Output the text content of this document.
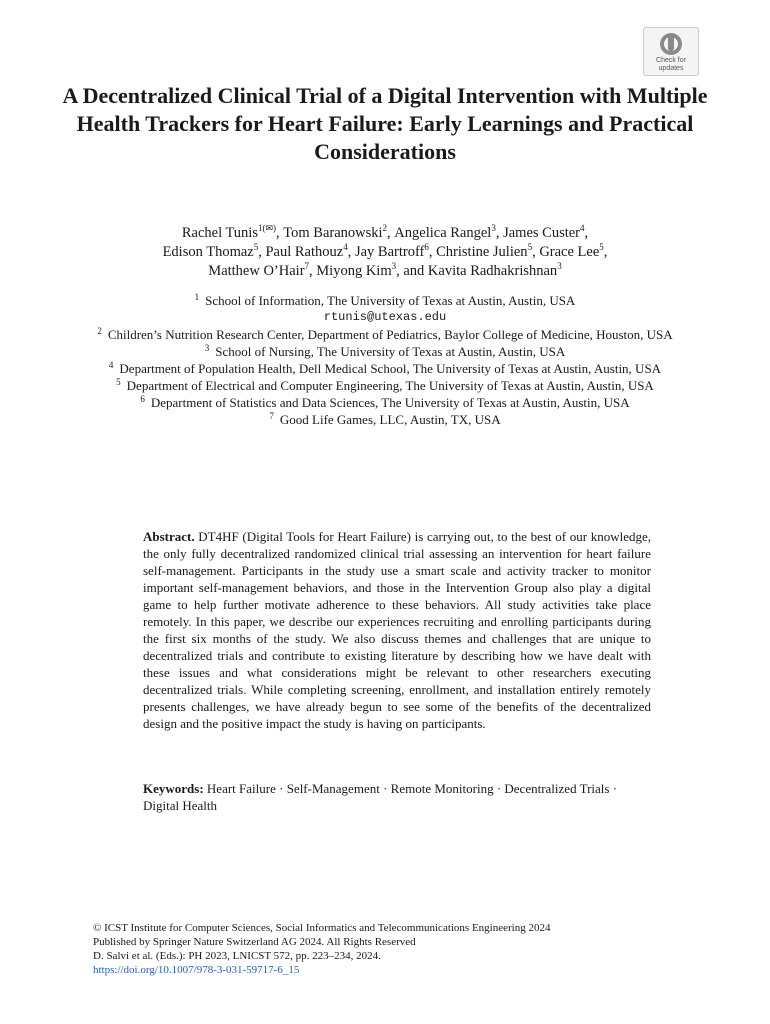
Check for
updates
A Decentralized Clinical Trial of a Digital Intervention with Multiple Health Trackers for Heart Failure: Early Learnings and Practical Considerations
Rachel Tunis$^{1(✉)}$, Tom Baranowski$^2$, Angelica Rangel$^3$, James Custer$^4$,
Edison Thomaz$^5$, Paul Rathouz$^4$, Jay Bartroff$^6$, Christine Julien$^5$, Grace Lee$^5$,
Matthew O’Hair$^7$, Miyong Kim$^3$, and Kavita Radhakrishnan$^3$
$^1$ School of Information, The University of Texas at Austin, Austin, USA
rtunis@utexas.edu
$^2$ Children’s Nutrition Research Center, Department of Pediatrics, Baylor College of Medicine, Houston, USA
$^3$ School of Nursing, The University of Texas at Austin, Austin, USA
$^4$ Department of Population Health, Dell Medical School, The University of Texas at Austin, Austin, USA
$^5$ Department of Electrical and Computer Engineering, The University of Texas at Austin, Austin, USA
$^6$ Department of Statistics and Data Sciences, The University of Texas at Austin, Austin, USA
$^7$ Good Life Games, LLC, Austin, TX, USA

Abstract. DT4HF (Digital Tools for Heart Failure) is carrying out, to the best of our knowledge, the only fully decentralized randomized clinical trial assessing an intervention for heart failure self-management. Participants in the study use a smart scale and activity tracker to monitor important self-management behaviors, and those in the Intervention Group also play a digital game to help further motivate adherence to these behaviors. All study activities take place remotely. In this paper, we describe our experiences recruiting and enrolling participants during the first six months of the study. We also discuss themes and challenges that are unique to decentralized trials and contribute to existing literature by describing how we have dealt with these issues and what considerations might be relevant to other researchers executing decentralized trials. While completing screening, enrollment, and installation entirely remotely presents challenges, we have already begun to see some of the benefits of the decentralized design and the positive impact the study is having on participants.

Keywords: Heart Failure · Self-Management · Remote Monitoring · Decentralized Trials · Digital Health

© ICST Institute for Computer Sciences, Social Informatics and Telecommunications Engineering 2024
Published by Springer Nature Switzerland AG 2024. All Rights Reserved
D. Salvi et al. (Eds.): PH 2023, LNICST 572, pp. 223–234, 2024.
https://doi.org/10.1007/978-3-031-59717-6_15
